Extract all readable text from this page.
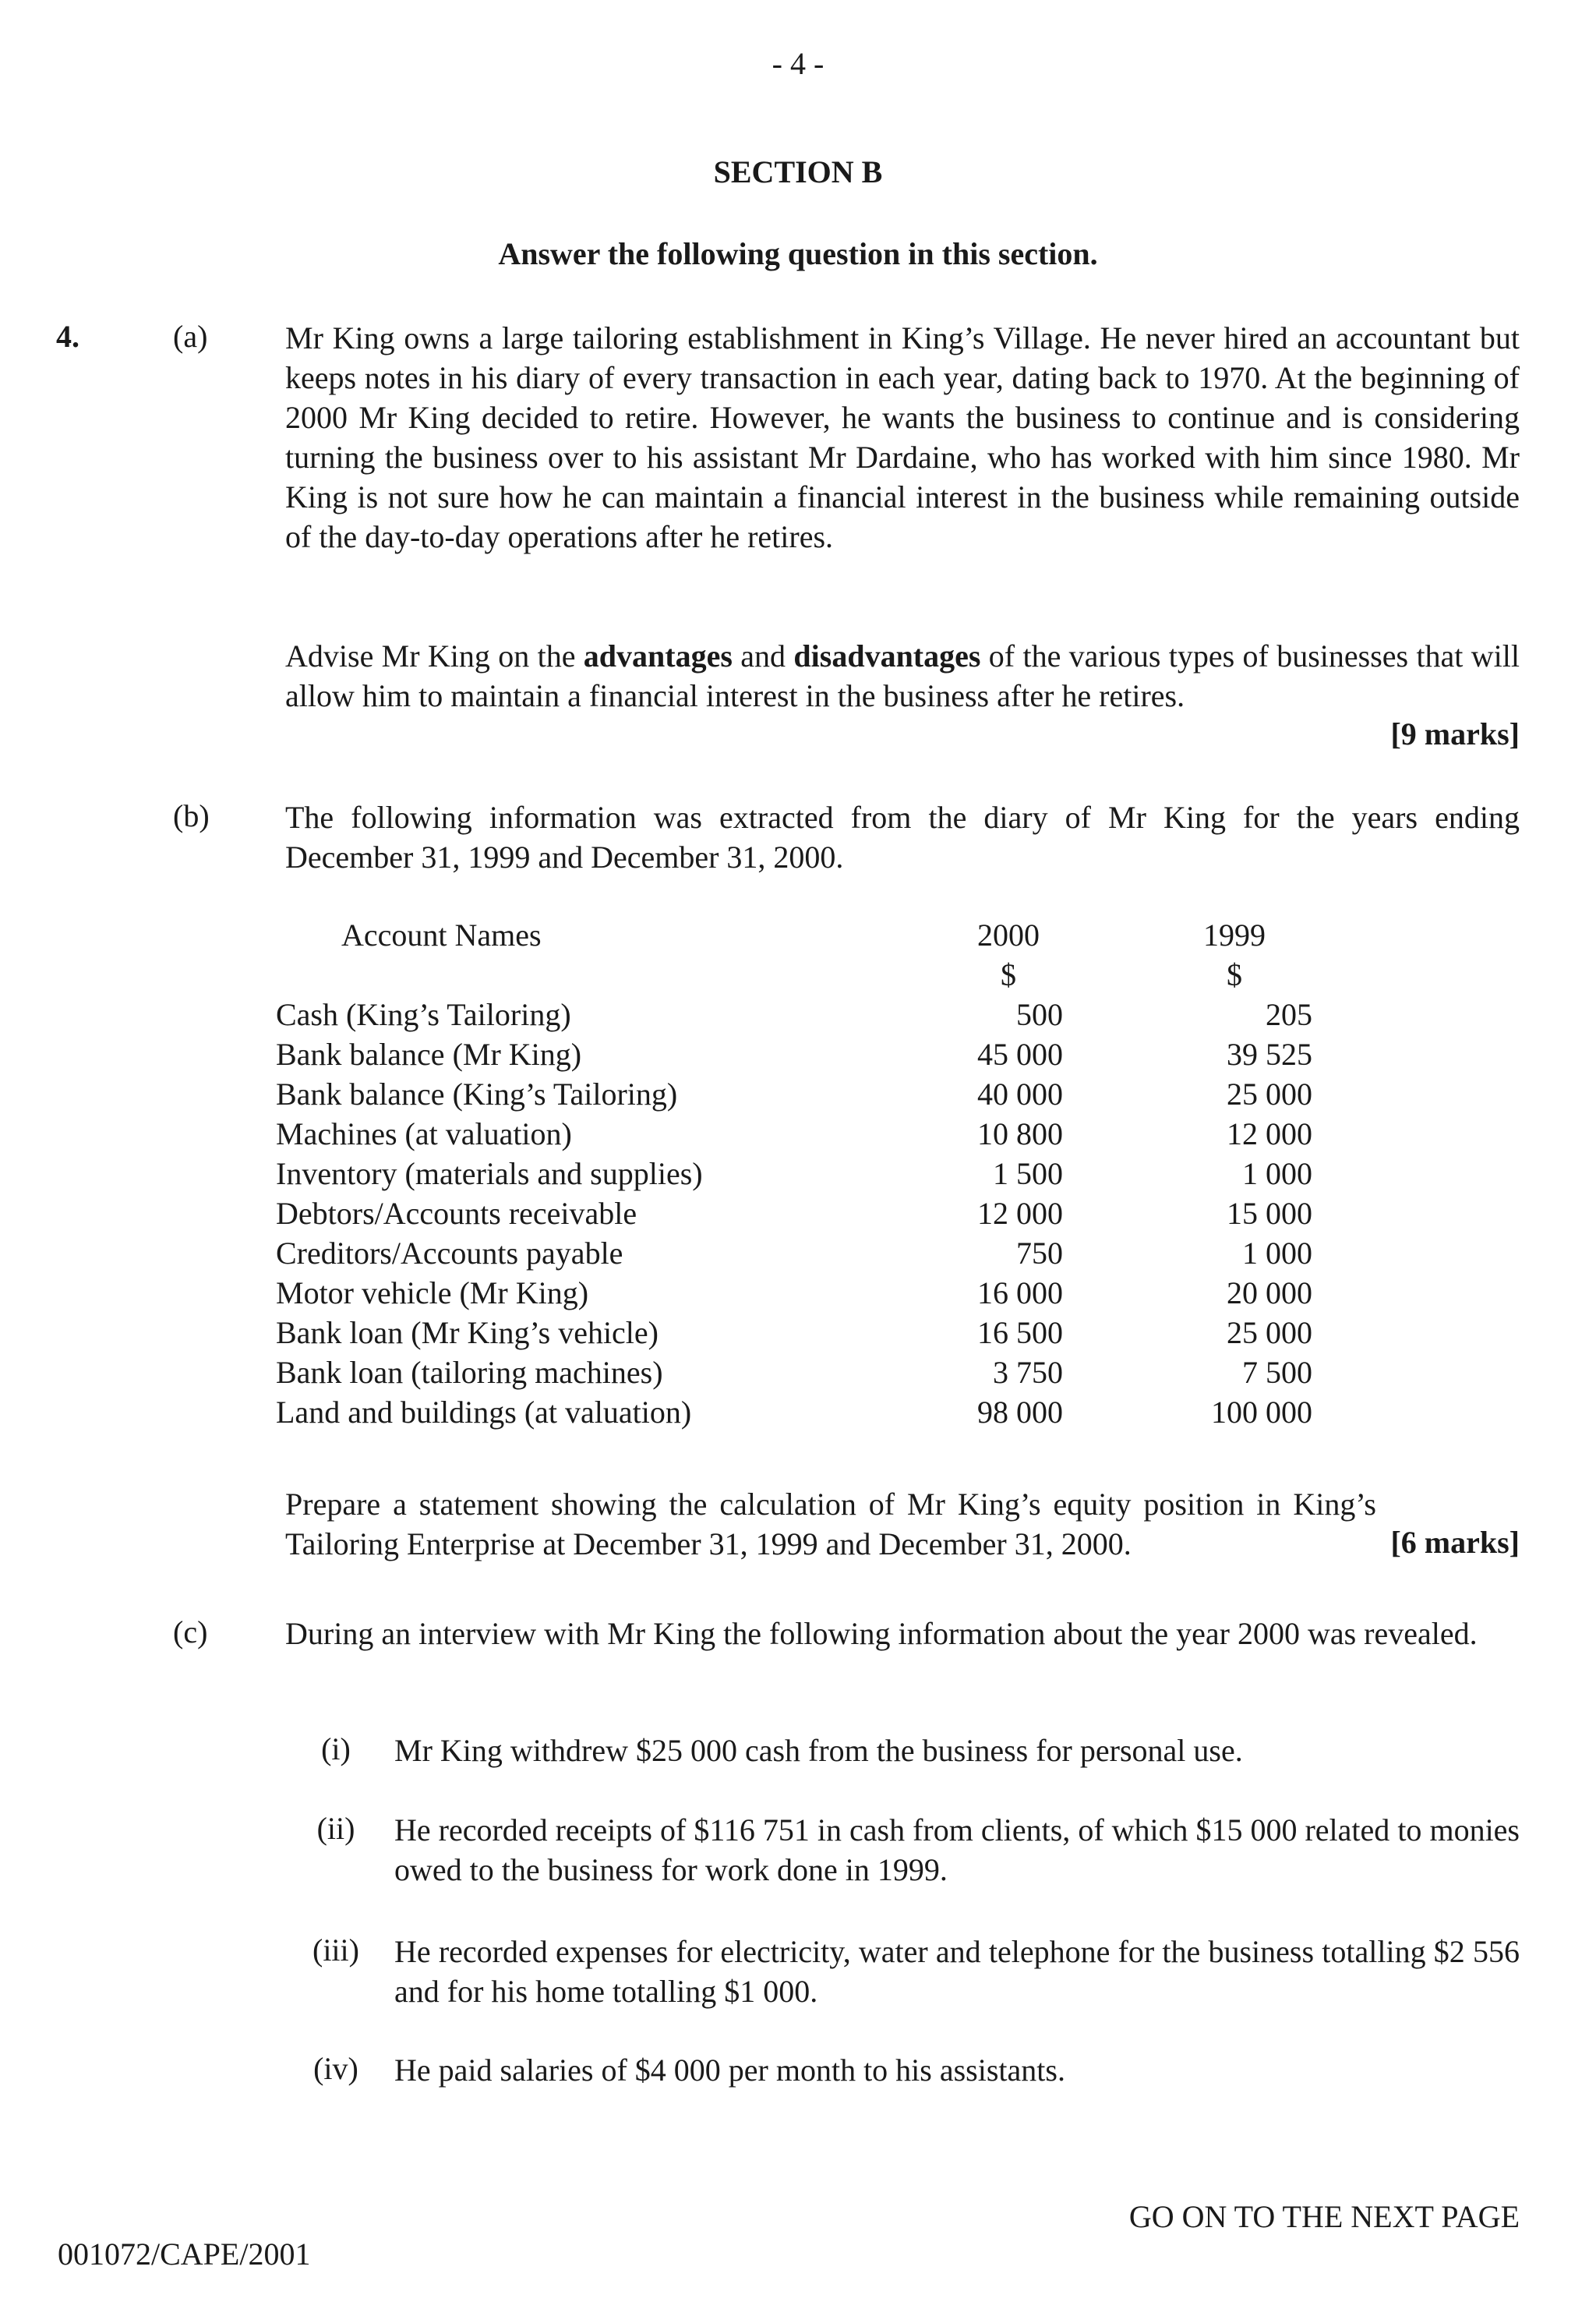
- 4 -
SECTION B
Answer the following question in this section.
4.	(a) Mr King owns a large tailoring establishment in King’s Village. He never hired an accountant but keeps notes in his diary of every transaction in each year, dating back to 1970. At the beginning of 2000 Mr King decided to retire. However, he wants the business to continue and is considering turning the business over to his assistant Mr Dardaine, who has worked with him since 1980. Mr King is not sure how he can maintain a financial interest in the business while remaining outside of the day-to-day operations after he retires.
Advise Mr King on the advantages and disadvantages of the various types of businesses that will allow him to maintain a financial interest in the business after he retires.
[9 marks]
(b) The following information was extracted from the diary of Mr King for the years ending December 31, 1999 and December 31, 2000.
Account Names	2000	1999
$	$
Cash (King’s Tailoring)	500	205
Bank balance (Mr King)	45 000	39 525
Bank balance (King’s Tailoring)	40 000	25 000
Machines (at valuation)	10 800	12 000
Inventory (materials and supplies)	1 500	1 000
Debtors/Accounts receivable	12 000	15 000
Creditors/Accounts payable	750	1 000
Motor vehicle (Mr King)	16 000	20 000
Bank loan (Mr King’s vehicle)	16 500	25 000
Bank loan (tailoring machines)	3 750	7 500
Land and buildings (at valuation)	98 000	100 000
Prepare a statement showing the calculation of Mr King’s equity position in King’s Tailoring Enterprise at December 31, 1999 and December 31, 2000.	[6 marks]
(c) During an interview with Mr King the following information about the year 2000 was revealed.
(i)	Mr King withdrew $25 000 cash from the business for personal use.
(ii)	He recorded receipts of $116 751 in cash from clients, of which $15 000 related to monies owed to the business for work done in 1999.
(iii)	He recorded expenses for electricity, water and telephone for the business totalling $2 556 and for his home totalling $1 000.
(iv)	He paid salaries of $4 000 per month to his assistants.
GO ON TO THE NEXT PAGE
001072/CAPE/2001
